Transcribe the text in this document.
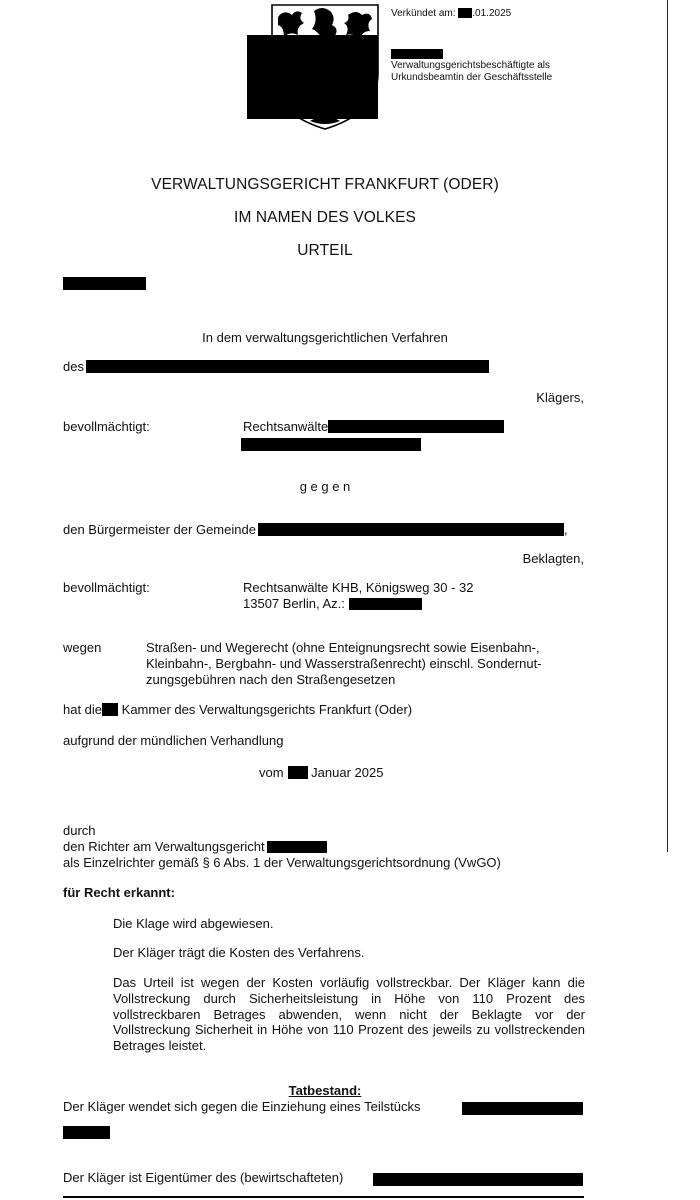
Verkündet am: .01.2025
Verwaltungsgerichtsbeschäftigte als
Urkundsbeamtin der Geschäftsstelle
VERWALTUNGSGERICHT FRANKFURT (ODER)
IM NAMEN DES VOLKES
URTEIL
In dem verwaltungsgerichtlichen Verfahren
des
Klägers,
bevollmächtigt:	Rechtsanwälte
g e g e n
den Bürgermeister der Gemeinde	,
Beklagten,
bevollmächtigt:	Rechtsanwälte KHB, Königsweg 30 - 32
13507 Berlin, Az.:
wegen	Straßen- und Wegerecht (ohne Enteignungsrecht sowie Eisenbahn-,
Kleinbahn-, Bergbahn- und Wasserstraßenrecht) einschl. Sondernut-
zungsgebühren nach den Straßengesetzen
hat die Kammer des Verwaltungsgerichts Frankfurt (Oder)
aufgrund der mündlichen Verhandlung
vom Januar 2025
durch
den Richter am Verwaltungsgericht
als Einzelrichter gemäß § 6 Abs. 1 der Verwaltungsgerichtsordnung (VwGO)
für Recht erkannt:
Die Klage wird abgewiesen.
Der Kläger trägt die Kosten des Verfahrens.
Das Urteil ist wegen der Kosten vorläufig vollstreckbar. Der Kläger kann die Vollstreckung durch Sicherheitsleistung in Höhe von 110 Prozent des vollstreckbaren Betrages abwenden, wenn nicht der Beklagte vor der Vollstreckung Sicherheit in Höhe von 110 Prozent des jeweils zu vollstreckenden Betrages leistet.
Tatbestand:
Der Kläger wendet sich gegen die Einziehung eines Teilstücks
Der Kläger ist Eigentümer des (bewirtschafteten)
